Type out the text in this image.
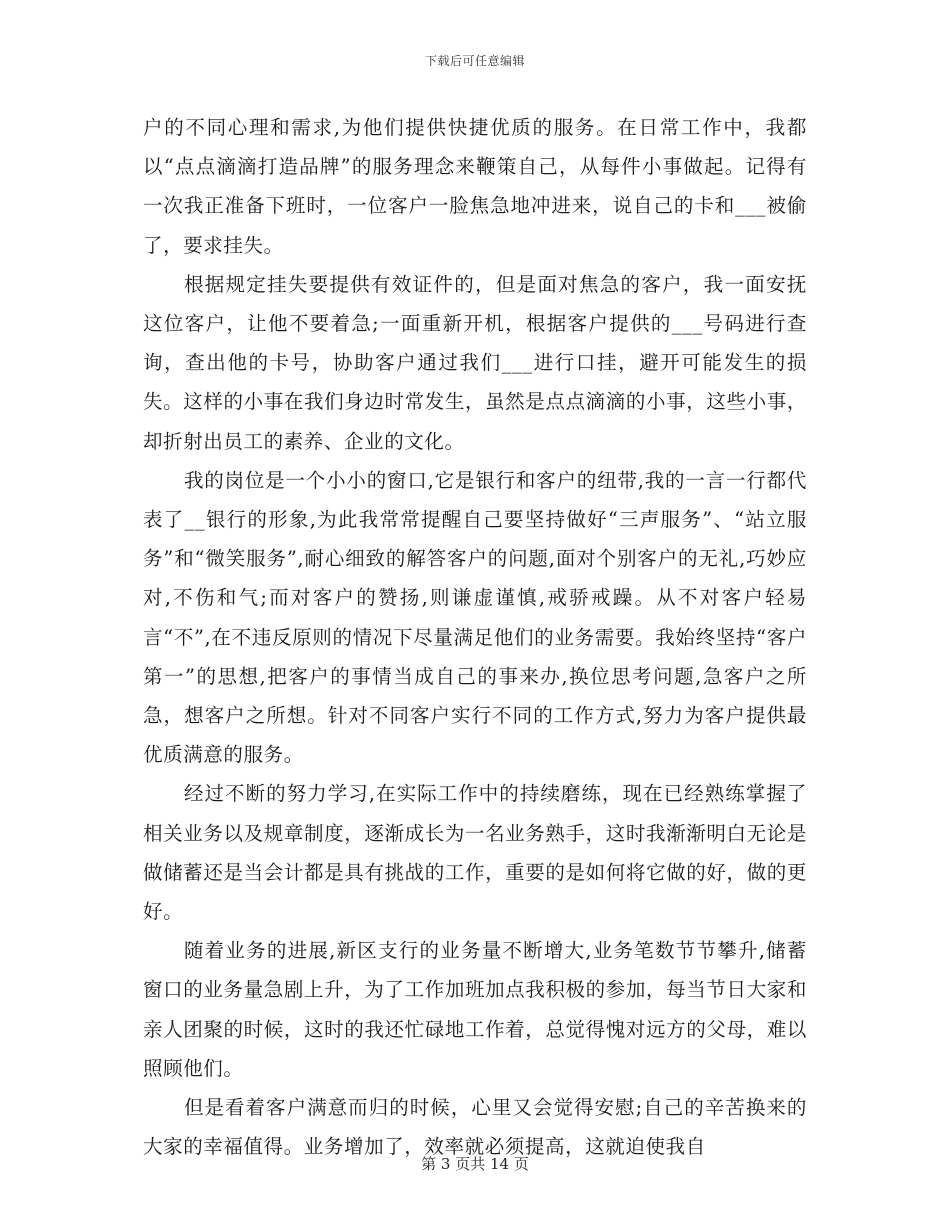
下载后可任意编辑

户的不同心理和需求,为他们提供快捷优质的服务。在日常工作中，我都以“点点滴滴打造品牌”的服务理念来鞭策自己，从每件小事做起。记得有一次我正准备下班时，一位客户一脸焦急地冲进来，说自己的卡和___被偷了，要求挂失。

根据规定挂失要提供有效证件的，但是面对焦急的客户，我一面安抚这位客户，让他不要着急;一面重新开机，根据客户提供的___号码进行查询，查出他的卡号，协助客户通过我们___进行口挂，避开可能发生的损失。这样的小事在我们身边时常发生，虽然是点点滴滴的小事，这些小事，却折射出员工的素养、企业的文化。

我的岗位是一个小小的窗口,它是银行和客户的纽带,我的一言一行都代表了__银行的形象,为此我常常提醒自己要坚持做好“三声服务”、“站立服务”和“微笑服务”,耐心细致的解答客户的问题,面对个别客户的无礼,巧妙应对,不伤和气;而对客户的赞扬,则谦虚谨慎,戒骄戒躁。从不对客户轻易言“不”,在不违反原则的情况下尽量满足他们的业务需要。我始终坚持“客户第一”的思想,把客户的事情当成自己的事来办,换位思考问题,急客户之所急，想客户之所想。针对不同客户实行不同的工作方式,努力为客户提供最优质满意的服务。

经过不断的努力学习,在实际工作中的持续磨练，现在已经熟练掌握了相关业务以及规章制度，逐渐成长为一名业务熟手，这时我渐渐明白无论是做储蓄还是当会计都是具有挑战的工作，重要的是如何将它做的好，做的更好。

随着业务的进展,新区支行的业务量不断增大,业务笔数节节攀升,储蓄窗口的业务量急剧上升，为了工作加班加点我积极的参加，每当节日大家和亲人团聚的时候，这时的我还忙碌地工作着，总觉得愧对远方的父母，难以照顾他们。

但是看着客户满意而归的时候，心里又会觉得安慰;自己的辛苦换来的大家的幸福值得。业务增加了，效率就必须提高，这就迫使我自

第 3 页共 14 页
